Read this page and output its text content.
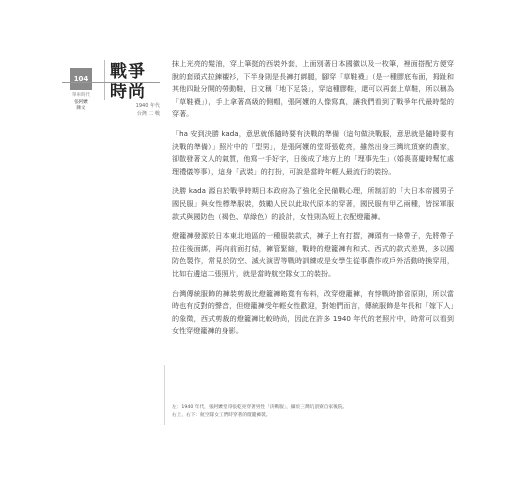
104
單車時代
張阿嬤
陳文
戰爭時尚
1940 年代
台灣 二 戰

抹上光亮的髮油，穿上筆挺的西裝外套，上面別著日本國徽以及一枚筆，裡面搭配方便穿脫的套頭式拉鍊襯衫，下半身則是長褲打綁腿，腳穿「草鞋襪」（是一種膠底布面，拇趾和其他四趾分開的勞動鞋，日文稱「地下足袋」，穿這種膠鞋，還可以再套上草鞋，所以稱為「草鞋襪」），手上拿著高級的側帽，張阿嬤的人像寫真，讓我們看到了戰爭年代最時髦的穿著。

「ha 安到決勝 kada，意思就係隨時要有決戰的準備（這句做決戰服，意思就是隨時要有決戰的準備）」照片中的「型男」，是張阿嬤的堂哥張乾亮，雖然出身三灣坑頂寮的農家，卻散發著文人的氣質，他寫一手好字，日後成了地方上的「理事先生」（婚喪喜慶時幫忙處理禮儀等事），這身「武裝」的打扮，可說是當時年輕人最流行的裝扮。

決勝 kada 源自於戰爭時期日本政府為了強化全民備戰心理，所制訂的「大日本帝國男子國民服」與女性標準服裝，鼓勵人民以此取代原本的穿著，國民服有甲乙兩種，皆採軍服款式與國防色（褐色、草綠色）的設計，女性則為短上衣配燈籠褲。

燈籠褲發源於日本東北地區的一種服裝款式，褲子上有打摺，褲頭有一條帶子，先將帶子拉往後面綁，再向前面打結，褲管緊縮，戰時的燈籠褲有和式、西式的款式差異，多以國防色製作，常見於防空、滅火演習等戰時訓練或是女學生從事農作或戶外活動時換穿用，比如右邊這二張照片，就是當時航空隊女工的裝扮。

台灣傳統服飾的褲裝剪裁比燈籠褲略寬有布料，改穿燈籠褲，有悖戰時節省原則，所以當時也有反對的聲音，但燈籠褲受年輕女性歡迎，對她們而言，傳統服飾是年長和「嫁下人」的象徵，西式剪裁的燈籠褲比較時尚，因此在許多 1940 年代的老照片中，時常可以看到女性穿燈籠褲的身影。

左：1940 年代，張阿嬤堂哥張乾亮穿著男性「決戰服」，攝於三灣坑頂寮自家後院。

右上、右下：航空隊女工們時穿著的燈籠褲裝。
